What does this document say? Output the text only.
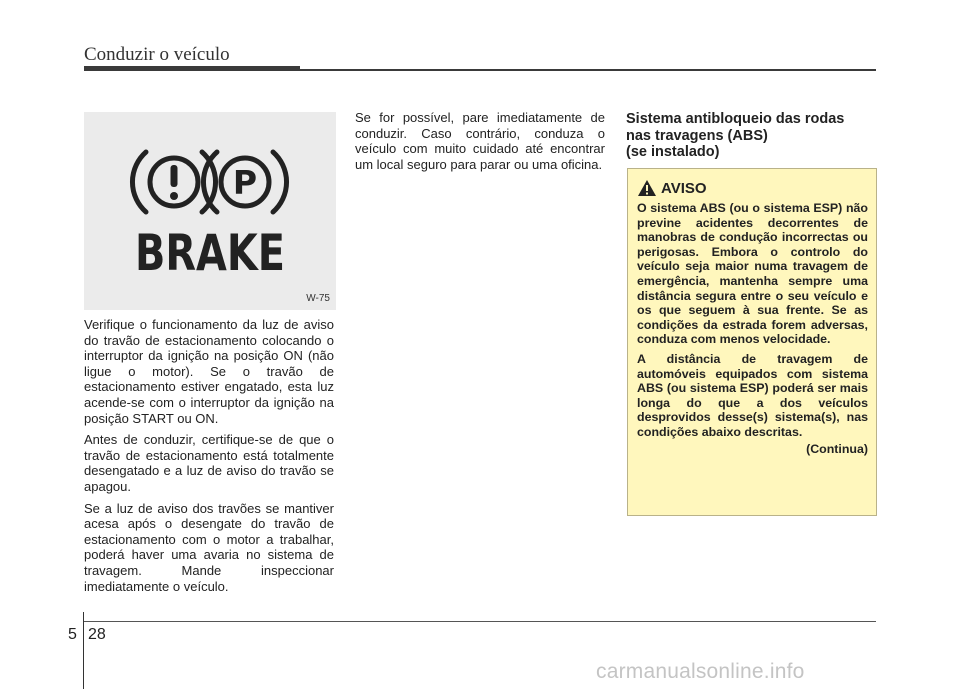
Conduzir o veículo
P
BRAKE
W-75

Verifique o funcionamento da luz de aviso do travão de estacionamento colocando o interruptor da ignição na posição ON (não ligue o motor). Se o travão de estacionamento estiver engatado, esta luz acende-se com o interruptor da ignição na posição START ou ON.

Antes de conduzir, certifique-se de que o travão de estacionamento está totalmente desengatado e a luz de aviso do travão se apagou.

Se a luz de aviso dos travões se mantiver acesa após o desengate do travão de estacionamento com o motor a trabalhar, poderá haver uma avaria no sistema de travagem. Mande inspeccionar imediatamente o veículo.

Se for possível, pare imediatamente de conduzir. Caso contrário, conduza o veículo com muito cuidado até encontrar um local seguro para parar ou uma oficina.

Sistema antibloqueio das rodas
nas travagens (ABS)
(se instalado)
AVISO

O sistema ABS (ou o sistema ESP) não previne acidentes decorrentes de manobras de condução incorrectas ou perigosas. Embora o controlo do veículo seja maior numa travagem de emergência, mantenha sempre uma distância segura entre o seu veículo e os que seguem à sua frente. Se as condições da estrada forem adversas, conduza com menos velocidade.

A distância de travagem de automóveis equipados com sistema ABS (ou sistema ESP) poderá ser mais longa do que a dos veículos desprovidos desse(s) sistema(s), nas condições abaixo descritas.

(Continua)
5 28
carmanualsonline.info
